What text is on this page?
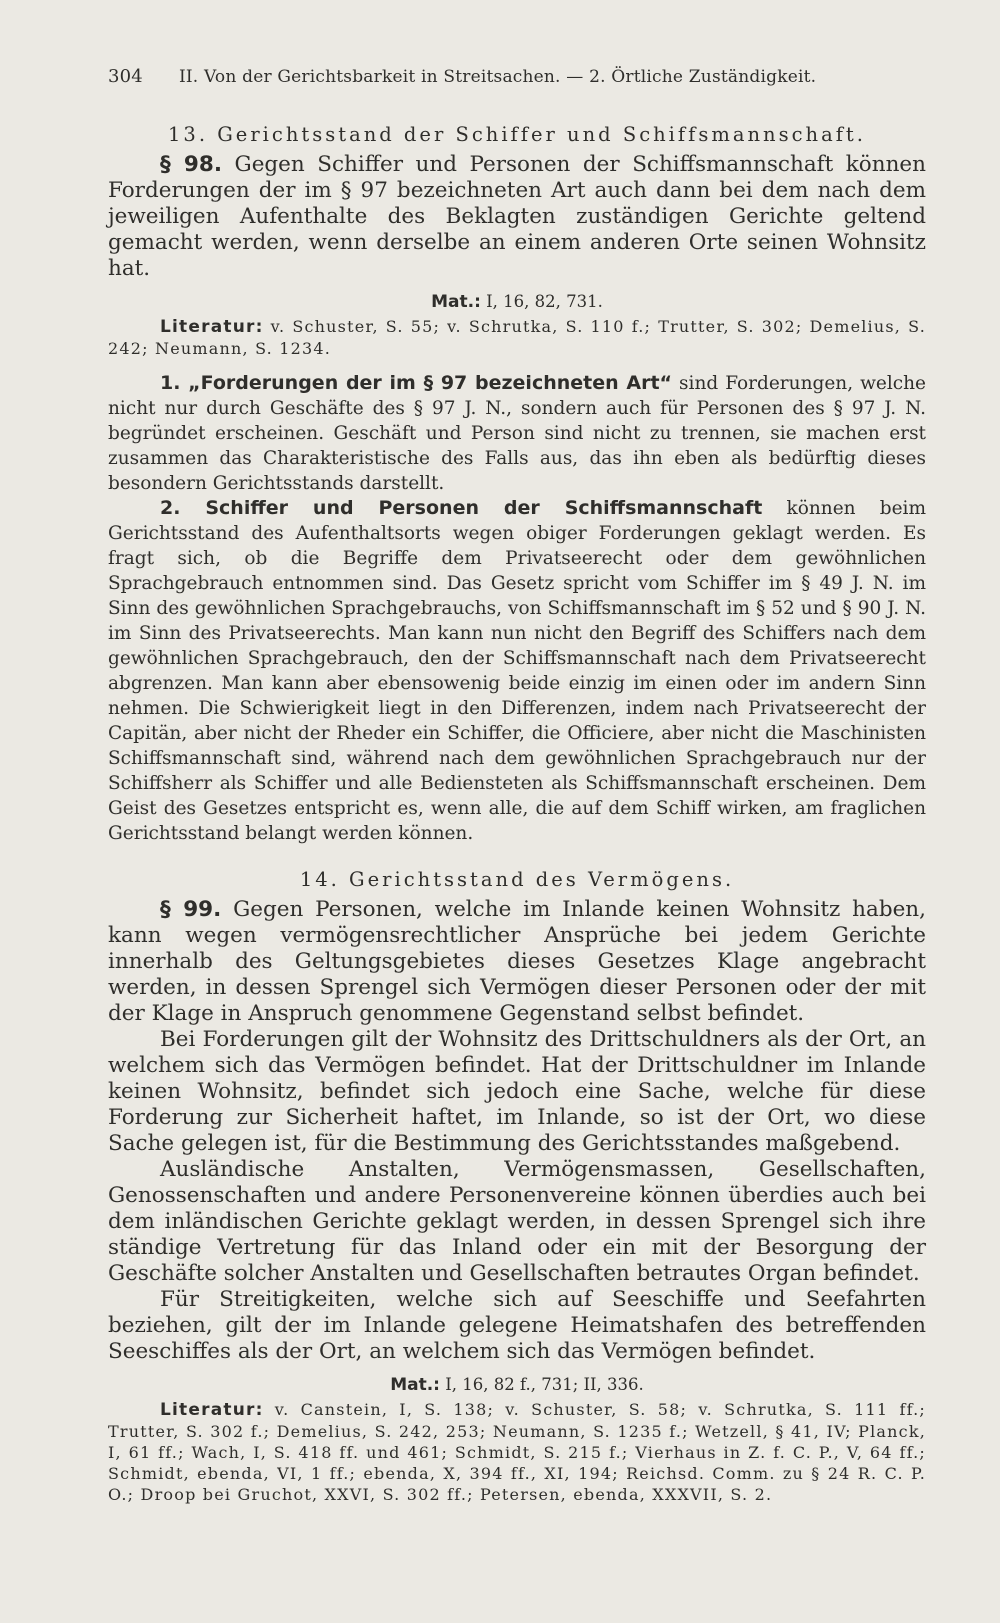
304 II. Von der Gerichtsbarkeit in Streitsachen. — 2. Örtliche Zuständigkeit.
13. Gerichtsstand der Schiffer und Schiffsmannschaft.

§ 98. Gegen Schiffer und Personen der Schiffsmannschaft können Forderungen der im § 97 bezeichneten Art auch dann bei dem nach dem jeweiligen Aufenthalte des Beklagten zuständigen Gerichte geltend gemacht werden, wenn derselbe an einem anderen Orte seinen Wohnsitz hat.

Mat.: I, 16, 82, 731.

Literatur: v. Schuster, S. 55; v. Schrutka, S. 110 f.; Trutter, S. 302; Demelius, S. 242; Neumann, S. 1234.

1. „Forderungen der im § 97 bezeichneten Art“ sind Forderungen, welche nicht nur durch Geschäfte des § 97 J. N., sondern auch für Personen des § 97 J. N. begründet erscheinen. Geschäft und Person sind nicht zu trennen, sie machen erst zusammen das Charakteristische des Falls aus, das ihn eben als bedürftig dieses besondern Gerichtsstands darstellt.

2. Schiffer und Personen der Schiffsmannschaft können beim Gerichtsstand des Aufenthaltsorts wegen obiger Forderungen geklagt werden. Es fragt sich, ob die Begriffe dem Privatseerecht oder dem gewöhnlichen Sprachgebrauch entnommen sind. Das Gesetz spricht vom Schiffer im § 49 J. N. im Sinn des gewöhnlichen Sprachgebrauchs, von Schiffsmannschaft im § 52 und § 90 J. N. im Sinn des Privatseerechts. Man kann nun nicht den Begriff des Schiffers nach dem gewöhnlichen Sprachgebrauch, den der Schiffsmannschaft nach dem Privatseerecht abgrenzen. Man kann aber ebensowenig beide einzig im einen oder im andern Sinn nehmen. Die Schwierigkeit liegt in den Differenzen, indem nach Privatseerecht der Capitän, aber nicht der Rheder ein Schiffer, die Officiere, aber nicht die Maschinisten Schiffsmannschaft sind, während nach dem gewöhnlichen Sprachgebrauch nur der Schiffsherr als Schiffer und alle Bediensteten als Schiffsmannschaft erscheinen. Dem Geist des Gesetzes entspricht es, wenn alle, die auf dem Schiff wirken, am fraglichen Gerichtsstand belangt werden können.

14. Gerichtsstand des Vermögens.

§ 99. Gegen Personen, welche im Inlande keinen Wohnsitz haben, kann wegen vermögensrechtlicher Ansprüche bei jedem Gerichte innerhalb des Geltungsgebietes dieses Gesetzes Klage angebracht werden, in dessen Sprengel sich Vermögen dieser Personen oder der mit der Klage in Anspruch genommene Gegenstand selbst befindet.

Bei Forderungen gilt der Wohnsitz des Drittschuldners als der Ort, an welchem sich das Vermögen befindet. Hat der Drittschuldner im Inlande keinen Wohnsitz, befindet sich jedoch eine Sache, welche für diese Forderung zur Sicherheit haftet, im Inlande, so ist der Ort, wo diese Sache gelegen ist, für die Bestimmung des Gerichtsstandes maßgebend.

Ausländische Anstalten, Vermögensmassen, Gesellschaften, Genossenschaften und andere Personenvereine können überdies auch bei dem inländischen Gerichte geklagt werden, in dessen Sprengel sich ihre ständige Vertretung für das Inland oder ein mit der Besorgung der Geschäfte solcher Anstalten und Gesellschaften betrautes Organ befindet.

Für Streitigkeiten, welche sich auf Seeschiffe und Seefahrten beziehen, gilt der im Inlande gelegene Heimatshafen des betreffenden Seeschiffes als der Ort, an welchem sich das Vermögen befindet.

Mat.: I, 16, 82 f., 731; II, 336.

Literatur: v. Canstein, I, S. 138; v. Schuster, S. 58; v. Schrutka, S. 111 ff.; Trutter, S. 302 f.; Demelius, S. 242, 253; Neumann, S. 1235 f.; Wetzell, § 41, IV; Planck, I, 61 ff.; Wach, I, S. 418 ff. und 461; Schmidt, S. 215 f.; Vierhaus in Z. f. C. P., V, 64 ff.; Schmidt, ebenda, VI, 1 ff.; ebenda, X, 394 ff., XI, 194; Reichsd. Comm. zu § 24 R. C. P. O.; Droop bei Gruchot, XXVI, S. 302 ff.; Petersen, ebenda, XXXVII, S. 2.
